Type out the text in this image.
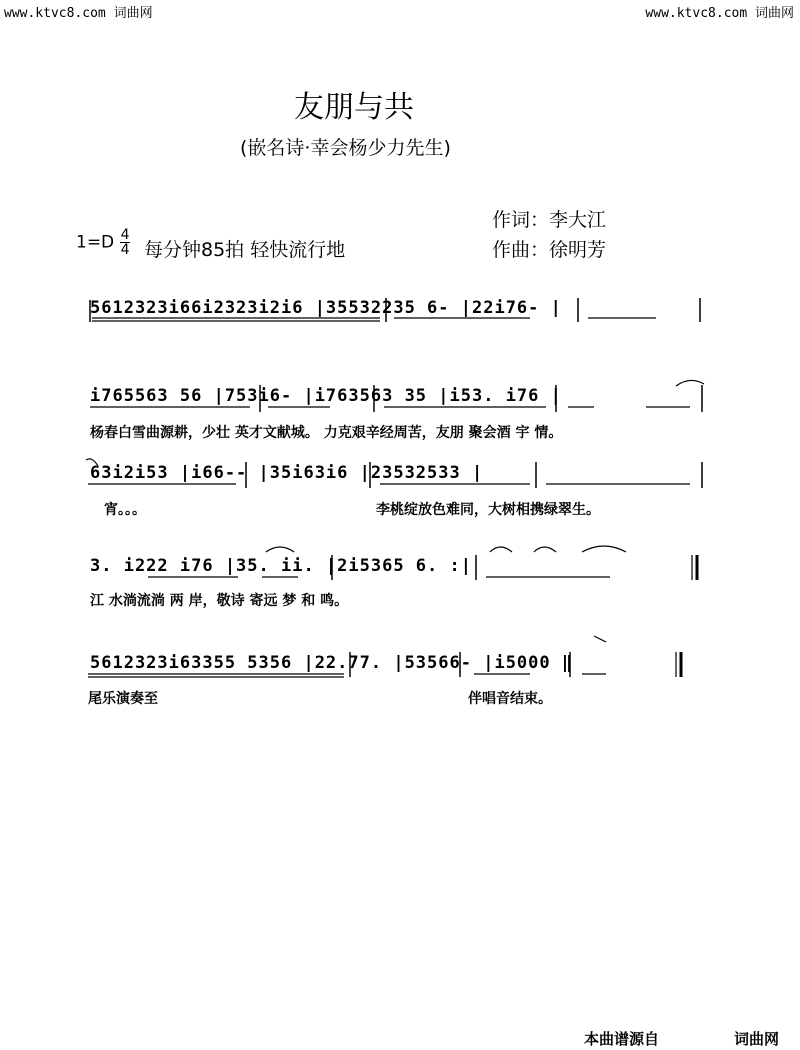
www.ktvc8.com 词曲网	www.ktvc8.com 词曲网
友朋与共
(嵌名诗·幸会杨少力先生)
作词：李大江
作曲：徐明芳
$1=D \frac{4}{4}$ 每分钟85拍 轻快流行地
5612323i66i2323i2i6 |35532235 6- |22i76- |
i765563 56 |753i6- |i763563 35 |i53. i76 |
杨春白雪曲源耕，少壮 英才文献城。 力克艰辛经周苦，友朋 聚会酒 宇 情。
63i2i53 |i66-- |35i63i6 |23532533 |
宵。。。	李桃绽放色难同，大树相携绿翠生。
3. i222 i76 |35. ii. |2i5365 6. :|
江 水淌流淌 两 岸，敬诗 寄远 梦 和 鸣。
5612323i63355 5356 |22.77. |53566- |i5000 ‖
尾乐演奏至	伴唱音结束。
本曲谱源自	词曲网
